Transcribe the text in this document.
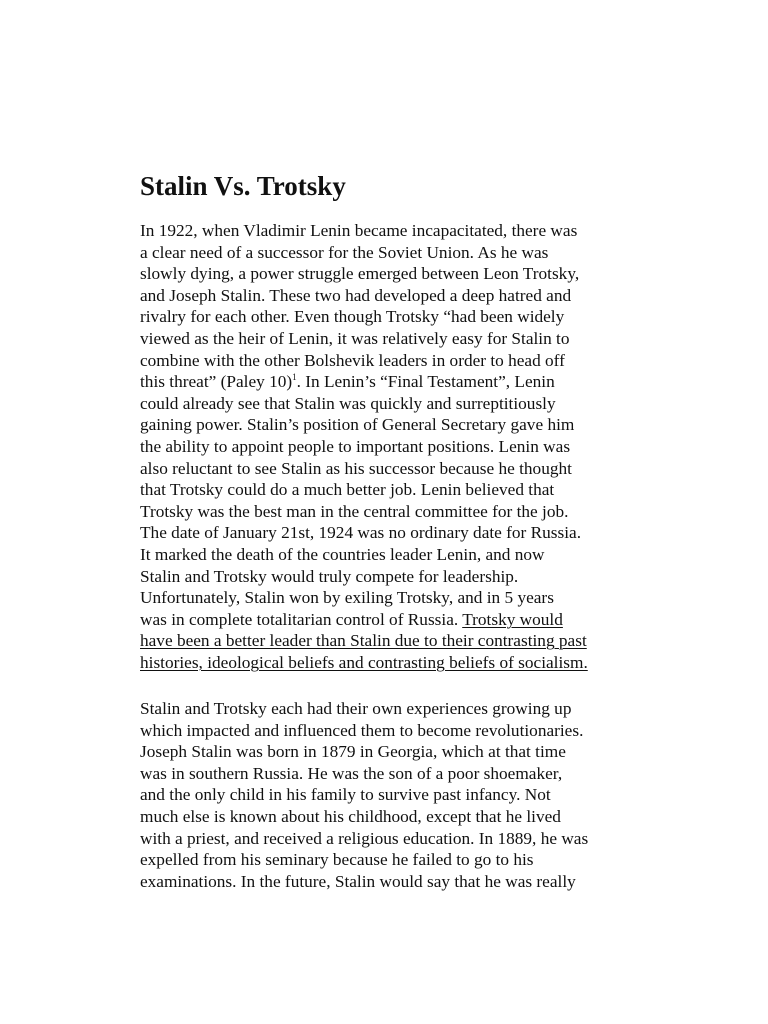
Stalin Vs. Trotsky
In 1922, when Vladimir Lenin became incapacitated, there was
a clear need of a successor for the Soviet Union. As he was
slowly dying, a power struggle emerged between Leon Trotsky,
and Joseph Stalin. These two had developed a deep hatred and
rivalry for each other. Even though Trotsky “had been widely
viewed as the heir of Lenin, it was relatively easy for Stalin to
combine with the other Bolshevik leaders in order to head off
this threat” (Paley 10)$^1$. In Lenin’s “Final Testament”, Lenin
could already see that Stalin was quickly and surreptitiously
gaining power. Stalin’s position of General Secretary gave him
the ability to appoint people to important positions. Lenin was
also reluctant to see Stalin as his successor because he thought
that Trotsky could do a much better job. Lenin believed that
Trotsky was the best man in the central committee for the job.
The date of January 21st, 1924 was no ordinary date for Russia.
It marked the death of the countries leader Lenin, and now
Stalin and Trotsky would truly compete for leadership.
Unfortunately, Stalin won by exiling Trotsky, and in 5 years
was in complete totalitarian control of Russia. Trotsky would
have been a better leader than Stalin due to their contrasting past
histories, ideological beliefs and contrasting beliefs of socialism.
Stalin and Trotsky each had their own experiences growing up
which impacted and influenced them to become revolutionaries.
Joseph Stalin was born in 1879 in Georgia, which at that time
was in southern Russia. He was the son of a poor shoemaker,
and the only child in his family to survive past infancy. Not
much else is known about his childhood, except that he lived
with a priest, and received a religious education. In 1889, he was
expelled from his seminary because he failed to go to his
examinations. In the future, Stalin would say that he was really
